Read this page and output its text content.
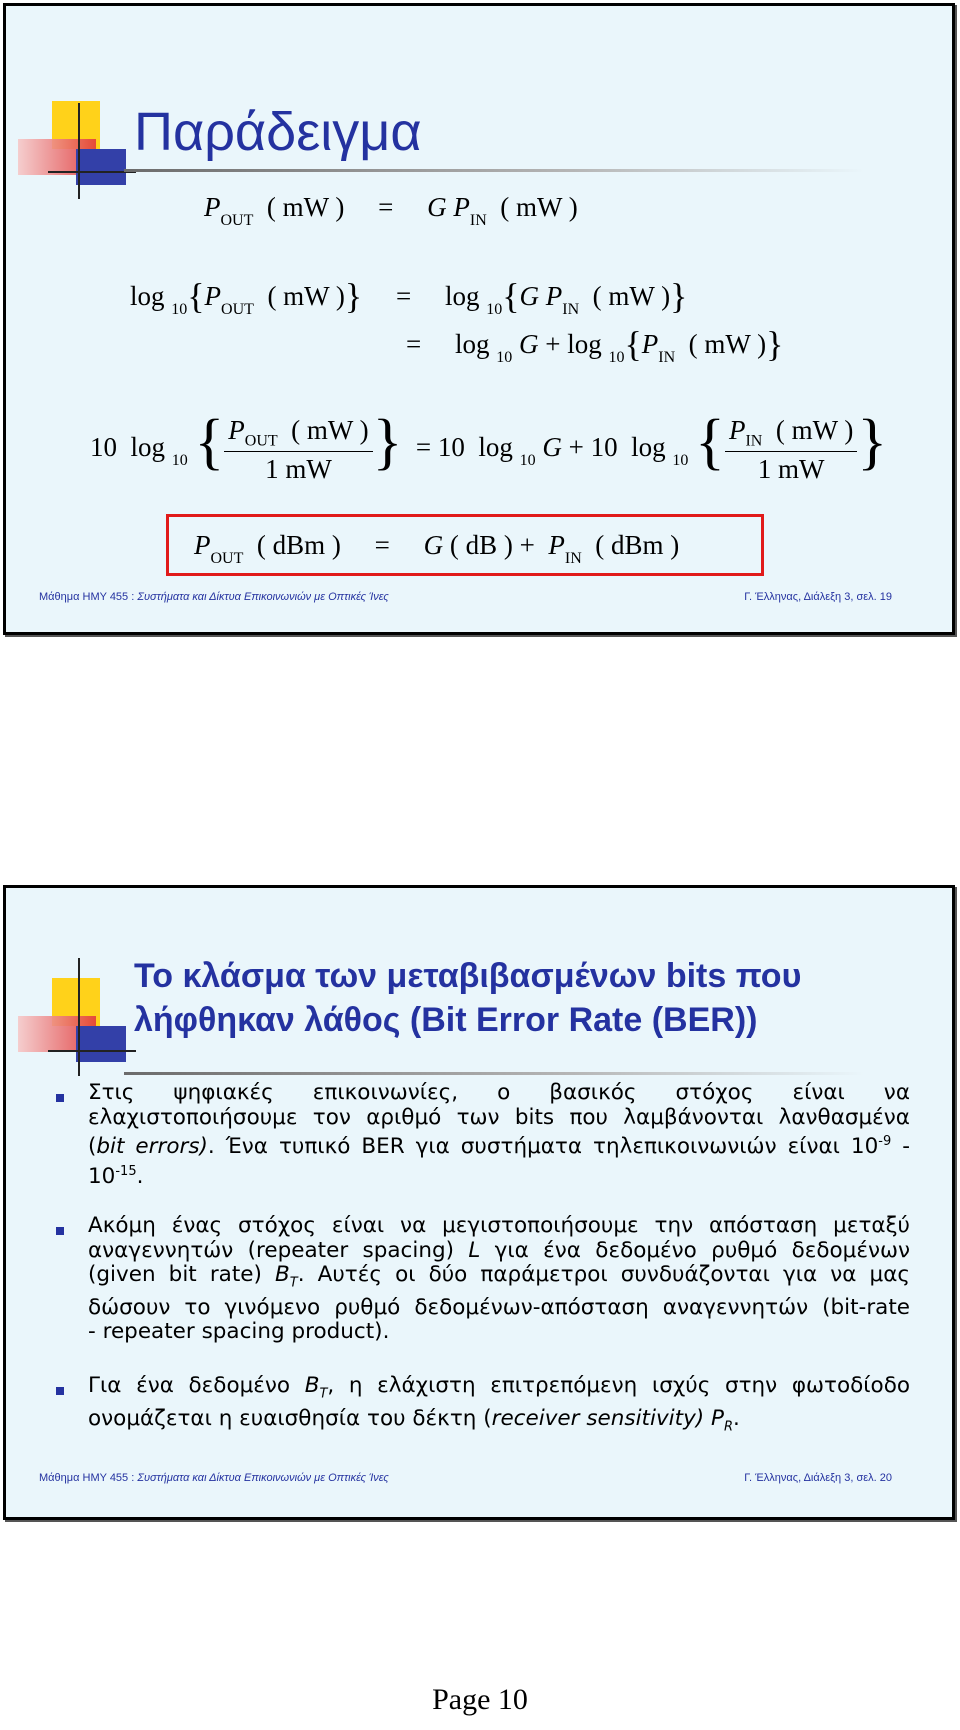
Παράδειγμα
$P_{OUT}$ ( mW ) = G $P_{IN}$ ( mW )
$\log _{10}\{P_{OUT}$ ( mW )} = log $_{10}${G $P_{IN}$ ( mW )}
= log $_{10}$ $G + \log _{10}\{P_{IN}$ ( mW )}
10 log $_{10}$ { $\frac{P_{OUT} ( mW )}{1 mW}$ } = 10 log $_{10}$ G + 10 log $_{10}$ { $\frac{P_{IN} ( mW )}{1 mW}$ }
$P_{OUT}$ ( dBm ) = G ( dB ) + $P_{IN}$ ( dBm )
Μάθημα ΗΜΥ 455 : Συστήματα και Δίκτυα Επικοινωνιών με Οπτικές Ίνες	Γ. Έλληνας, Διάλεξη 3, σελ. 19
Το κλάσμα των μεταβιβασμένων bits που
λήφθηκαν λάθος (Bit Error Rate (BER))
Στις ψηφιακές επικοινωνίες, ο βασικός στόχος είναι να
ελαχιστοποιήσουμε τον αριθμό των bits που λαμβάνονται λανθασμένα
(bit errors). Ένα τυπικό BER για συστήματα τηλεπικοινωνιών είναι $10^{-9}$ -
$10^{-15}$.
Ακόμη ένας στόχος είναι να μεγιστοποιήσουμε την απόσταση μεταξύ
αναγεννητών (repeater spacing) L για ένα δεδομένο ρυθμό δεδομένων
(given bit rate) $B_T$. Αυτές οι δύο παράμετροι συνδυάζονται για να μας
δώσουν το γινόμενο ρυθμό δεδομένων-απόσταση αναγεννητών (bit-rate
- repeater spacing product).
Για ένα δεδομένο $B_T$, η ελάχιστη επιτρεπόμενη ισχύς στην φωτοδίοδο
ονομάζεται η ευαισθησία του δέκτη (receiver sensitivity) $P_R$.
Μάθημα ΗΜΥ 455 : Συστήματα και Δίκτυα Επικοινωνιών με Οπτικές Ίνες	Γ. Έλληνας, Διάλεξη 3, σελ. 20
Page 10
